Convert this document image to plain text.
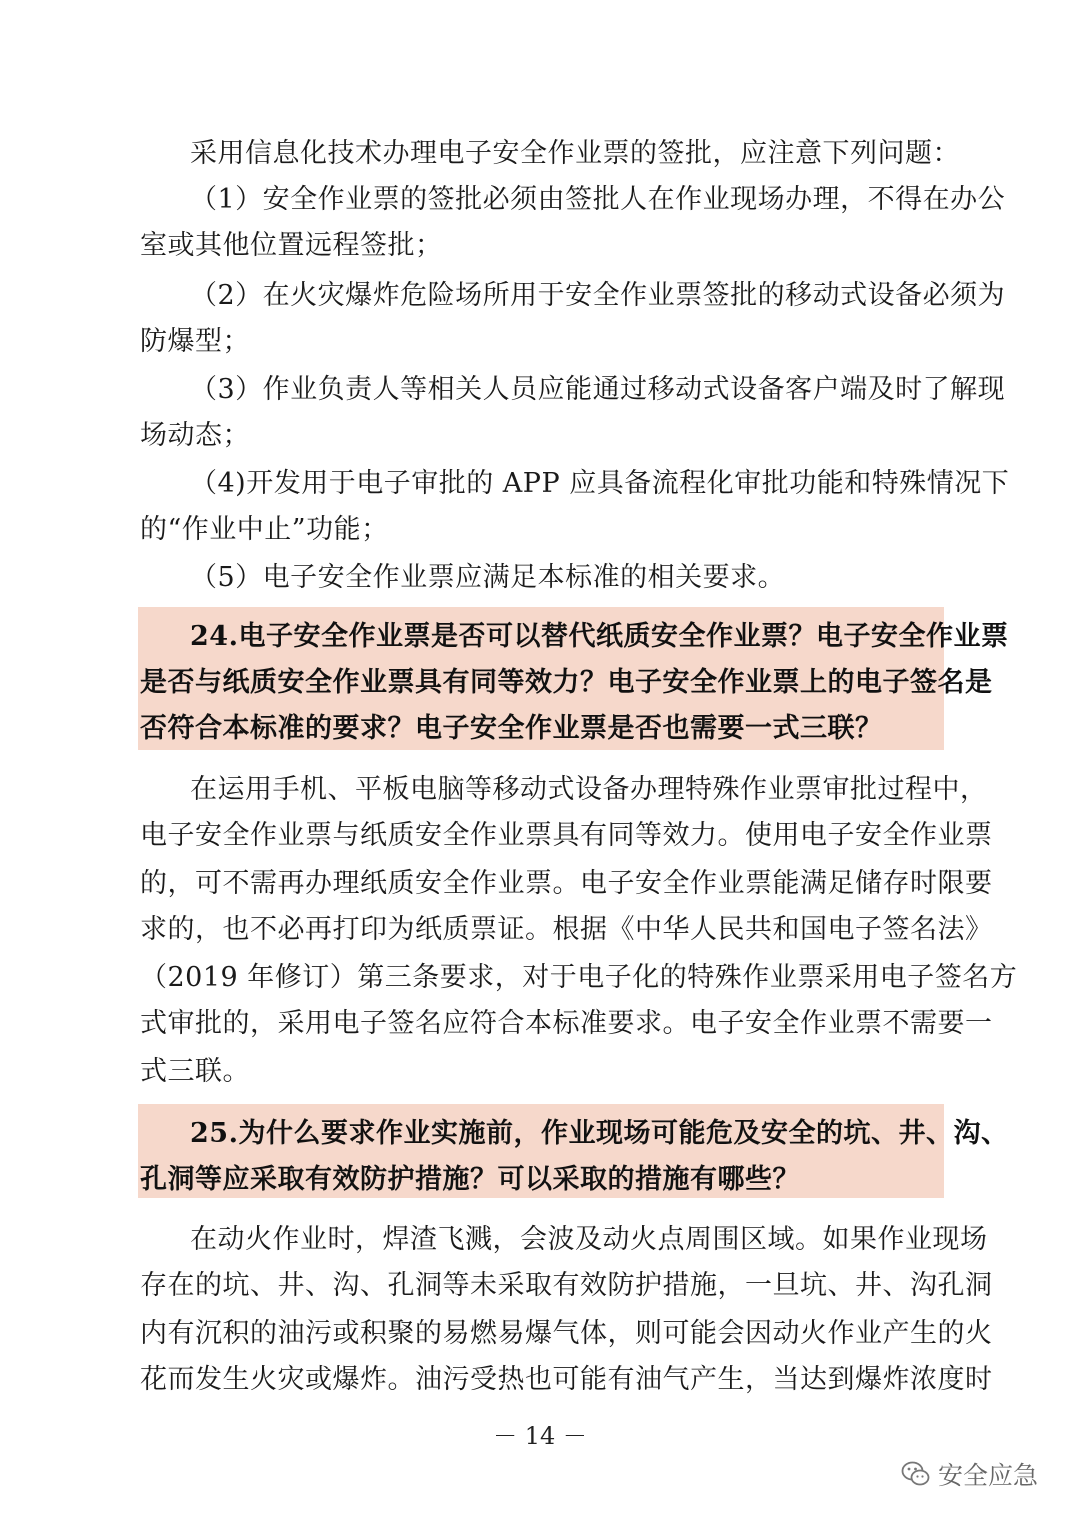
采用信息化技术办理电子安全作业票的签批，应注意下列问题：
（1）安全作业票的签批必须由签批人在作业现场办理，不得在办公
室或其他位置远程签批；
（2）在火灾爆炸危险场所用于安全作业票签批的移动式设备必须为
防爆型；
（3）作业负责人等相关人员应能通过移动式设备客户端及时了解现
场动态；
（4)开发用于电子审批的 APP 应具备流程化审批功能和特殊情况下
的“作业中止”功能；
（5）电子安全作业票应满足本标准的相关要求。
24.电子安全作业票是否可以替代纸质安全作业票？电子安全作业票
是否与纸质安全作业票具有同等效力？电子安全作业票上的电子签名是
否符合本标准的要求？电子安全作业票是否也需要一式三联？
在运用手机、平板电脑等移动式设备办理特殊作业票审批过程中，
电子安全作业票与纸质安全作业票具有同等效力。使用电子安全作业票
的，可不需再办理纸质安全作业票。电子安全作业票能满足储存时限要
求的，也不必再打印为纸质票证。根据《中华人民共和国电子签名法》
（2019 年修订）第三条要求，对于电子化的特殊作业票采用电子签名方
式审批的，采用电子签名应符合本标准要求。电子安全作业票不需要一
式三联。
25.为什么要求作业实施前，作业现场可能危及安全的坑、井、沟、
孔洞等应采取有效防护措施？可以采取的措施有哪些？
在动火作业时，焊渣飞溅，会波及动火点周围区域。如果作业现场
存在的坑、井、沟、孔洞等未采取有效防护措施，一旦坑、井、沟孔洞
内有沉积的油污或积聚的易燃易爆气体，则可能会因动火作业产生的火
花而发生火灾或爆炸。油污受热也可能有油气产生，当达到爆炸浓度时
－ 14 －
安全应急
